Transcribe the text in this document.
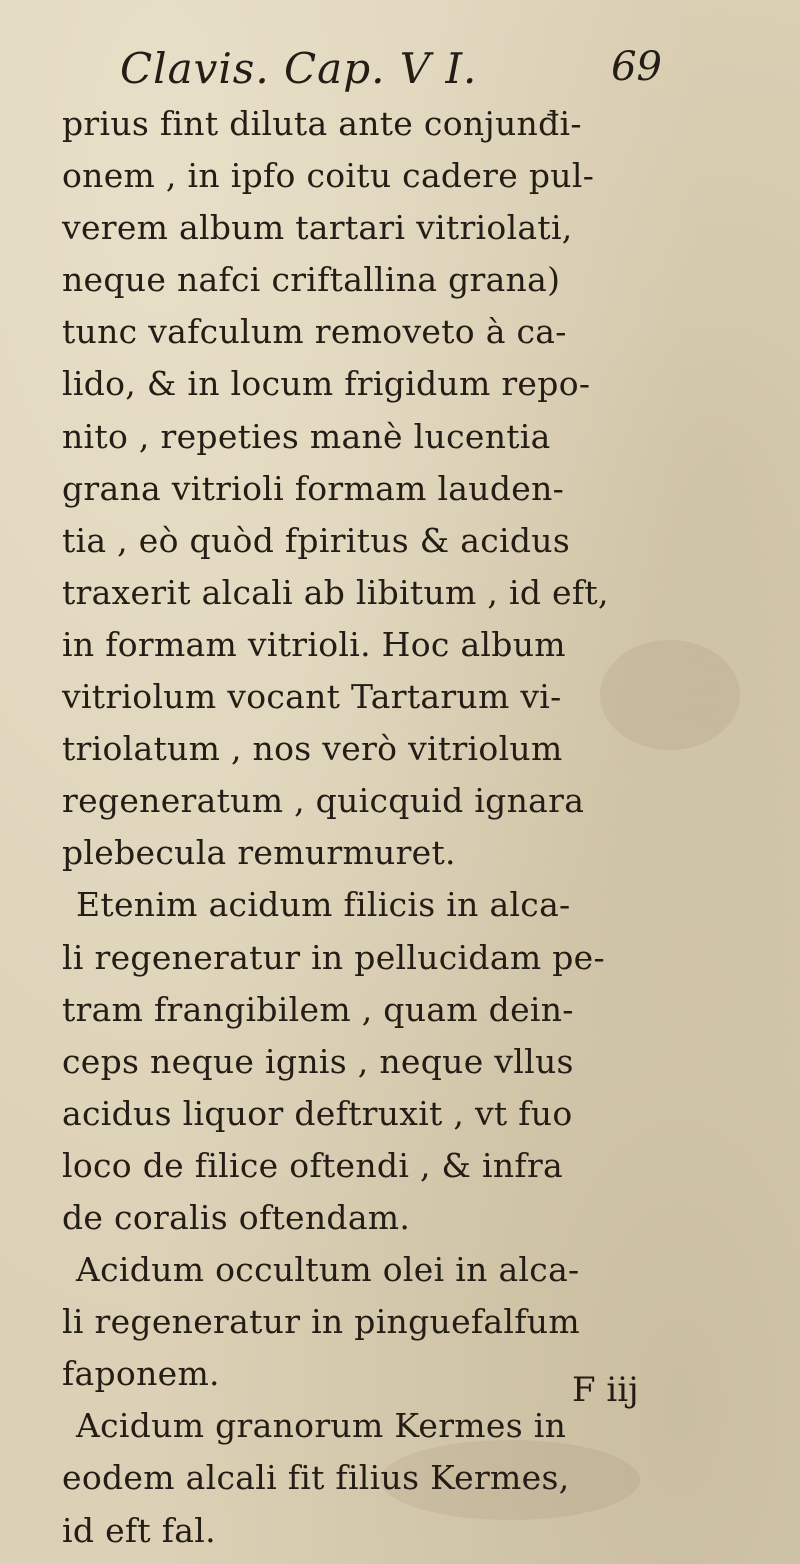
Clavis. Cap. V I.	69
prius fint diluta ante conjunđi-
onem , in ipfo coitu cadere pul-
verem album tartari vitriolati,
neque nafci criftallina grana)
tunc vafculum removeto à ca-
lido, & in locum frigidum repo-
nito , repeties manè lucentia
grana vitrioli formam lauden-
tia , eò quòd fpiritus & acidus
traxerit alcali ab libitum , id eft,
in formam vitrioli. Hoc album
vitriolum vocant Tartarum vi-
triolatum , nos verò vitriolum
regeneratum , quicquid ignara
plebecula remurmuret.
Etenim acidum filicis in alca-
li regeneratur in pellucidam pe-
tram frangibilem , quam dein-
ceps neque ignis , neque vllus
acidus liquor deftruxit , vt fuo
loco de filice oftendi , & infra
de coralis oftendam.
Acidum occultum olei in alca-
li regeneratur in pinguefalfum
faponem.
Acidum granorum Kermes in
eodem alcali fit filius Kermes,
id eft fal.
F iij
